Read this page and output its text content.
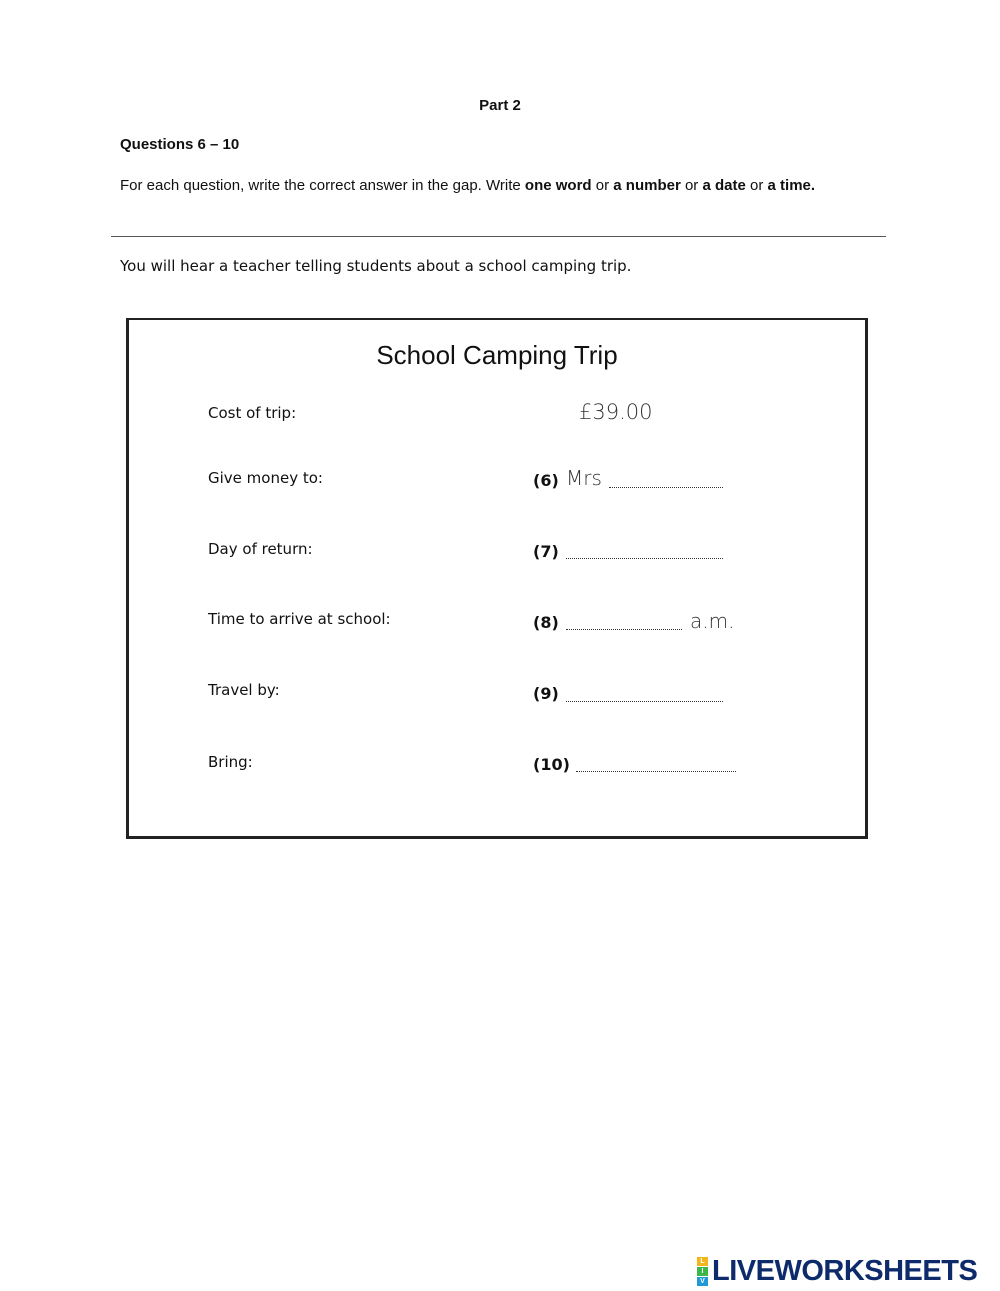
Part 2
Questions 6 – 10
For each question, write the correct answer in the gap. Write one word or a number or a date or a time.
You will hear a teacher telling students about a school camping trip.
School Camping Trip
Cost of trip:	£39.00
Give money to:	(6) Mrs
Day of return:	(7)
Time to arrive at school:	(8)	a.m.
Travel by:	(9)
Bring:	(10)
L
I
V LIVEWORKSHEETS
